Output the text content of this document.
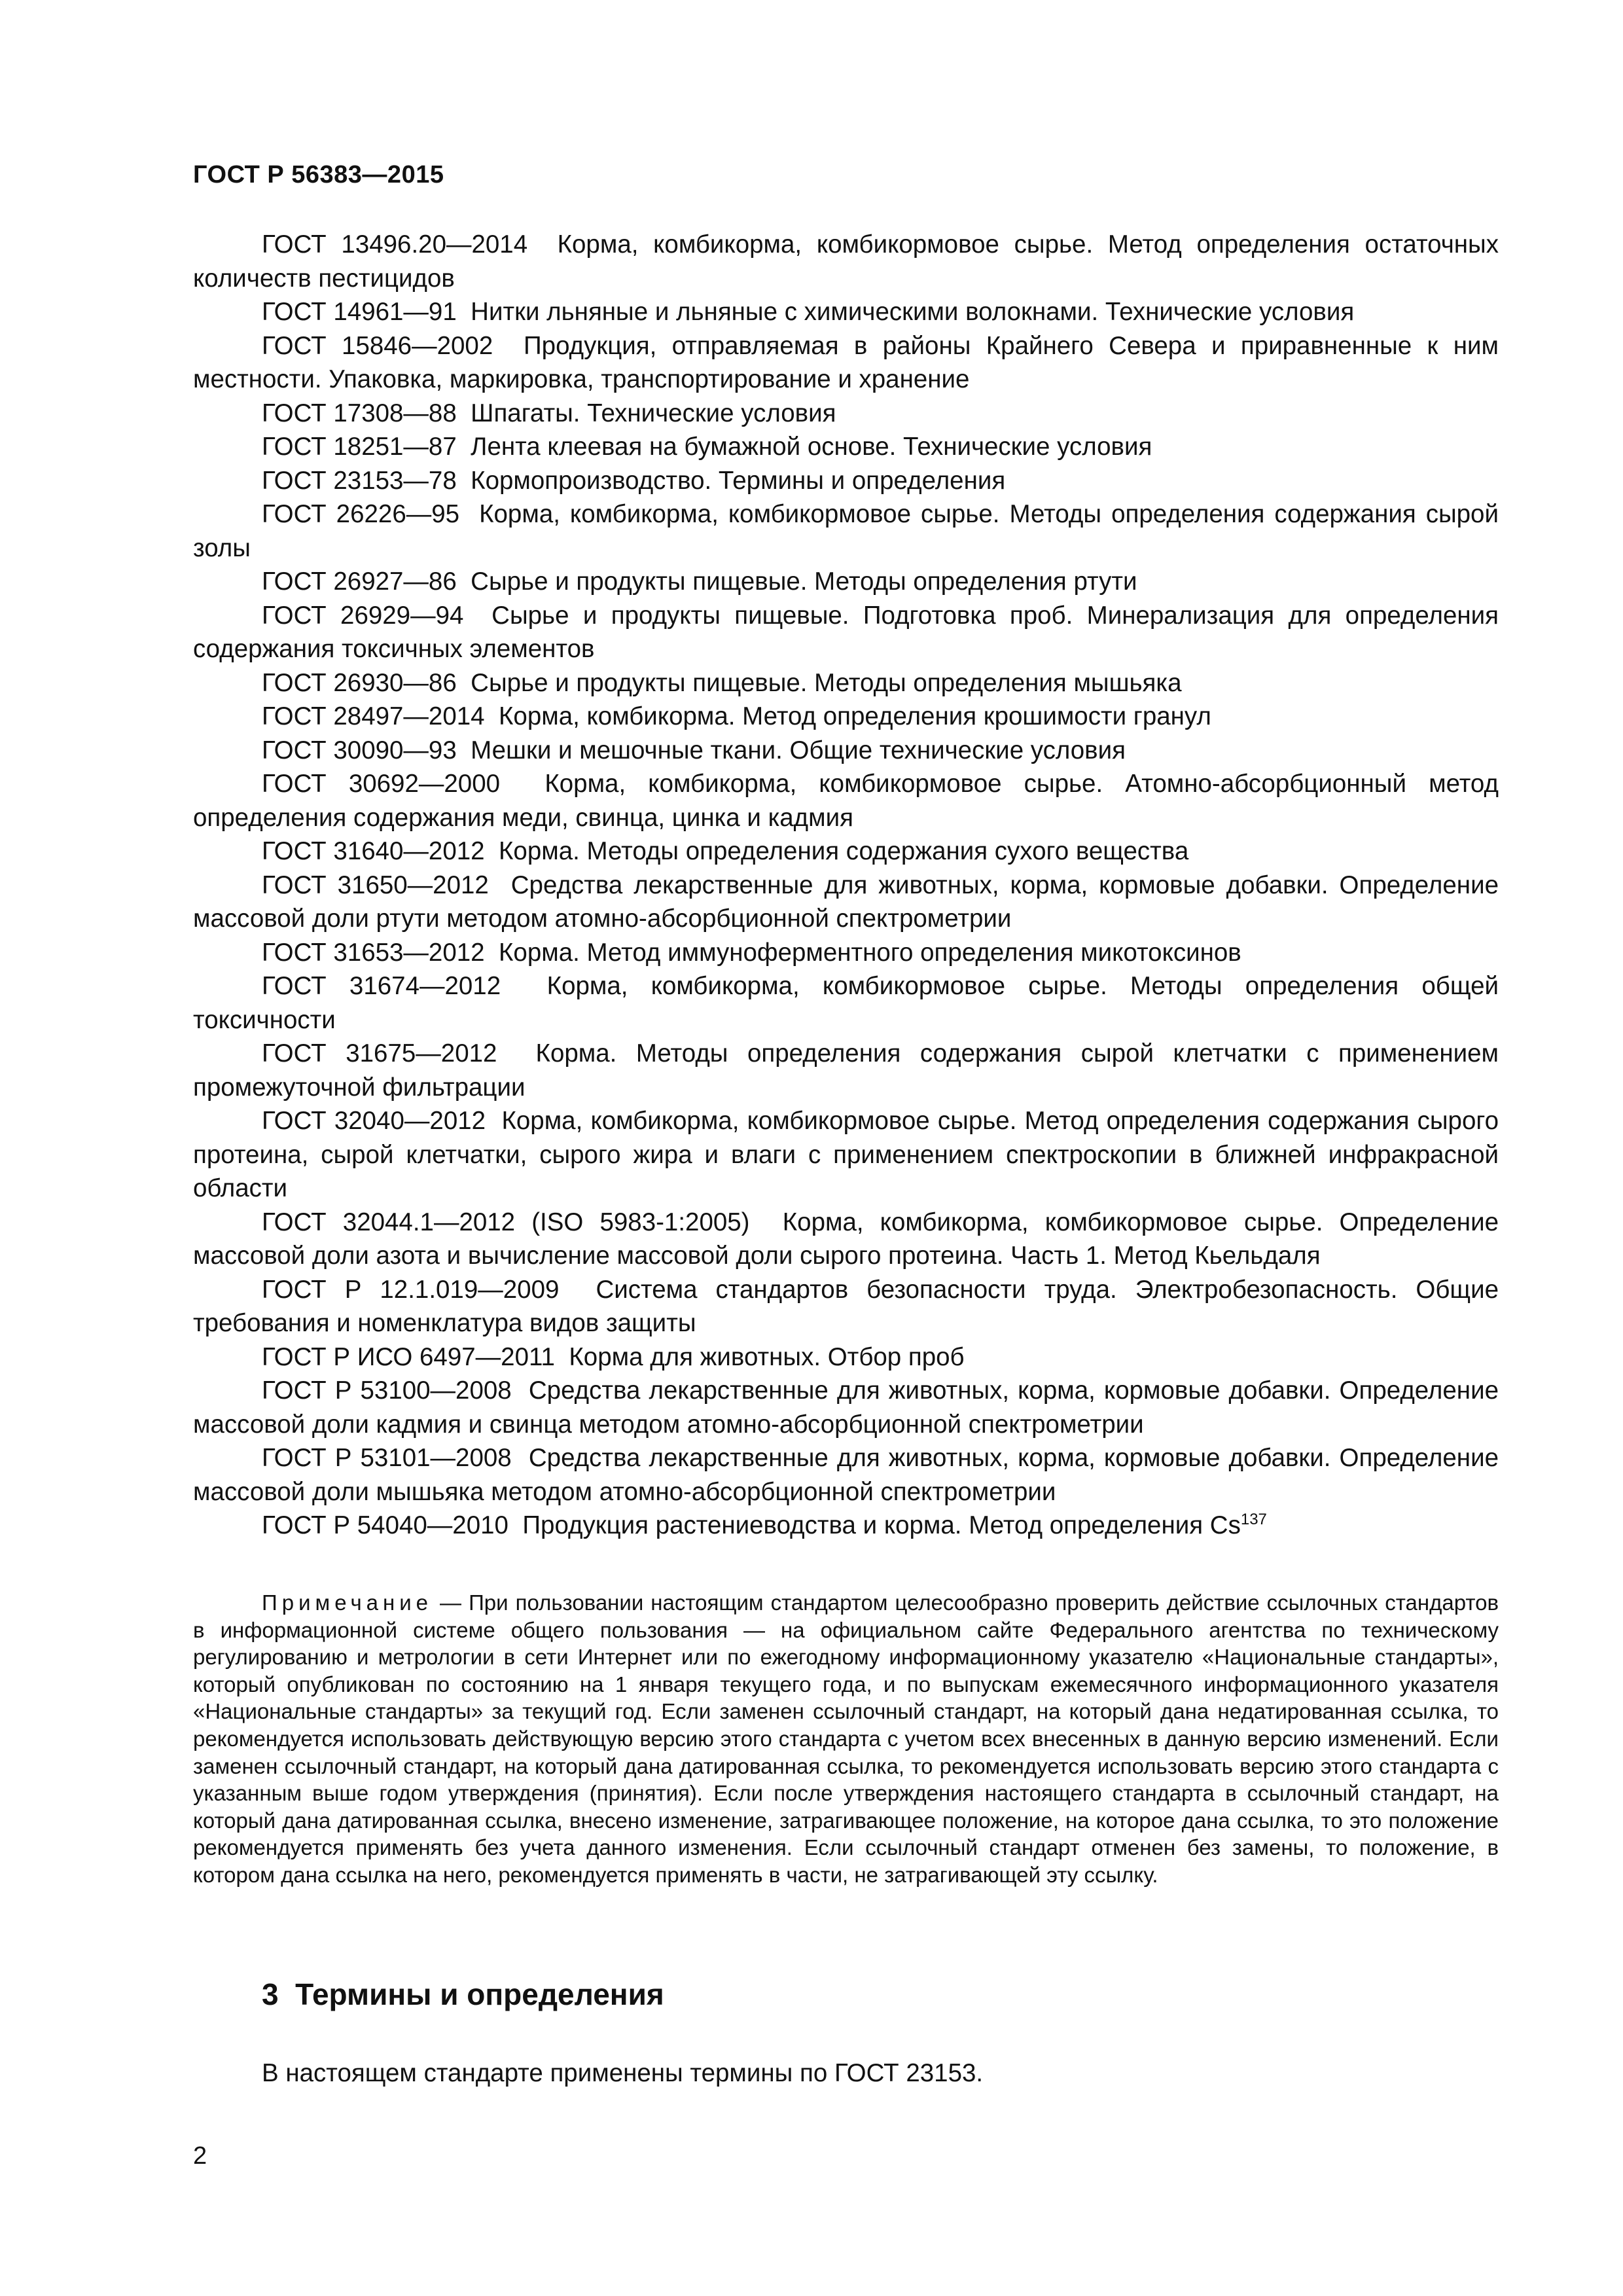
ГОСТ Р 56383—2015

ГОСТ 13496.20—2014 Корма, комбикорма, комбикормовое сырье. Метод определения остаточных количеств пестицидов

ГОСТ 14961—91 Нитки льняные и льняные с химическими волокнами. Технические условия

ГОСТ 15846—2002 Продукция, отправляемая в районы Крайнего Севера и приравненные к ним местности. Упаковка, маркировка, транспортирование и хранение

ГОСТ 17308—88 Шпагаты. Технические условия

ГОСТ 18251—87 Лента клеевая на бумажной основе. Технические условия

ГОСТ 23153—78 Кормопроизводство. Термины и определения

ГОСТ 26226—95 Корма, комбикорма, комбикормовое сырье. Методы определения содержания сырой золы

ГОСТ 26927—86 Сырье и продукты пищевые. Методы определения ртути

ГОСТ 26929—94 Сырье и продукты пищевые. Подготовка проб. Минерализация для определения содержания токсичных элементов

ГОСТ 26930—86 Сырье и продукты пищевые. Методы определения мышьяка

ГОСТ 28497—2014 Корма, комбикорма. Метод определения крошимости гранул

ГОСТ 30090—93 Мешки и мешочные ткани. Общие технические условия

ГОСТ 30692—2000 Корма, комбикорма, комбикормовое сырье. Атомно-абсорбционный метод определения содержания меди, свинца, цинка и кадмия

ГОСТ 31640—2012 Корма. Методы определения содержания сухого вещества

ГОСТ 31650—2012 Средства лекарственные для животных, корма, кормовые добавки. Определение массовой доли ртути методом атомно-абсорбционной спектрометрии

ГОСТ 31653—2012 Корма. Метод иммуноферментного определения микотоксинов

ГОСТ 31674—2012 Корма, комбикорма, комбикормовое сырье. Методы определения общей токсичности

ГОСТ 31675—2012 Корма. Методы определения содержания сырой клетчатки с применением промежуточной фильтрации

ГОСТ 32040—2012 Корма, комбикорма, комбикормовое сырье. Метод определения содержания сырого протеина, сырой клетчатки, сырого жира и влаги с применением спектроскопии в ближней инфракрасной области

ГОСТ 32044.1—2012 (ISO 5983-1:2005) Корма, комбикорма, комбикормовое сырье. Определение массовой доли азота и вычисление массовой доли сырого протеина. Часть 1. Метод Кьельдаля

ГОСТ Р 12.1.019—2009 Система стандартов безопасности труда. Электробезопасность. Общие требования и номенклатура видов защиты

ГОСТ Р ИСО 6497—2011 Корма для животных. Отбор проб

ГОСТ Р 53100—2008 Средства лекарственные для животных, корма, кормовые добавки. Определение массовой доли кадмия и свинца методом атомно-абсорбционной спектрометрии

ГОСТ Р 53101—2008 Средства лекарственные для животных, корма, кормовые добавки. Определение массовой доли мышьяка методом атомно-абсорбционной спектрометрии

ГОСТ Р 54040—2010 Продукция растениеводства и корма. Метод определения Cs$^{137}$

Примечание — При пользовании настоящим стандартом целесообразно проверить действие ссылочных стандартов в информационной системе общего пользования — на официальном сайте Федерального агентства по техническому регулированию и метрологии в сети Интернет или по ежегодному информационному указателю «Национальные стандарты», который опубликован по состоянию на 1 января текущего года, и по выпускам ежемесячного информационного указателя «Национальные стандарты» за текущий год. Если заменен ссылочный стандарт, на который дана недатированная ссылка, то рекомендуется использовать действующую версию этого стандарта с учетом всех внесенных в данную версию изменений. Если заменен ссылочный стандарт, на который дана датированная ссылка, то рекомендуется использовать версию этого стандарта с указанным выше годом утверждения (принятия). Если после утверждения настоящего стандарта в ссылочный стандарт, на который дана датированная ссылка, внесено изменение, затрагивающее положение, на которое дана ссылка, то это положение рекомендуется применять без учета данного изменения. Если ссылочный стандарт отменен без замены, то положение, в котором дана ссылка на него, рекомендуется применять в части, не затрагивающей эту ссылку.

3 Термины и определения
В настоящем стандарте применены термины по ГОСТ 23153.
2
